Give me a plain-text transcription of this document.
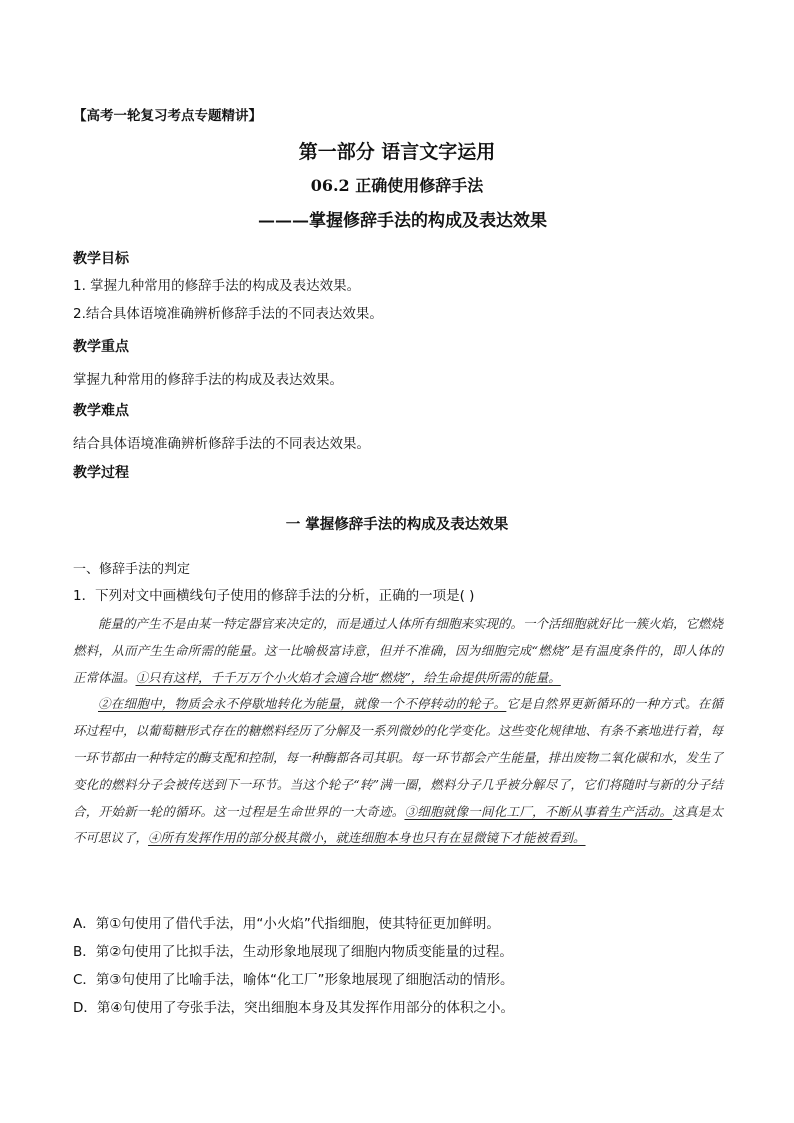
【高考一轮复习考点专题精讲】
第一部分 语言文字运用
06.2 正确使用修辞手法
———掌握修辞手法的构成及表达效果
教学目标
1. 掌握九种常用的修辞手法的构成及表达效果。
2.结合具体语境准确辨析修辞手法的不同表达效果。
教学重点
掌握九种常用的修辞手法的构成及表达效果。
教学难点
结合具体语境准确辨析修辞手法的不同表达效果。
教学过程
一 掌握修辞手法的构成及表达效果
一、修辞手法的判定
1．下列对文中画横线句子使用的修辞手法的分析，正确的一项是( )

能量的产生不是由某一特定器官来决定的，而是通过人体所有细胞来实现的。一个活细胞就好比一簇火焰，它燃烧燃料，从而产生生命所需的能量。这一比喻极富诗意，但并不准确，因为细胞完成“燃烧”是有温度条件的，即人体的正常体温。①只有这样，千千万万个小火焰才会適合地“燃烧”，给生命提供所需的能量。

②在细胞中，物质会永不停歇地转化为能量，就像一个不停转动的轮子。它是自然界更新循环的一种方式。在循环过程中，以葡萄糖形式存在的糖燃料经历了分解及一系列微妙的化学变化。这些变化规律地、有条不紊地进行着，每一环节都由一种特定的酶支配和控制，每一种酶都各司其职。每一环节都会产生能量，排出废物二氧化碳和水，发生了变化的燃料分子会被传送到下一环节。当这个轮子“转”满一圈，燃料分子几乎被分解尽了，它们将随时与新的分子结合，开始新一轮的循环。这一过程是生命世界的一大奇迹。③细胞就像一间化工厂，不断从事着生产活动。这真是太不可思议了，④所有发挥作用的部分极其微小，就连细胞本身也只有在显微镜下才能被看到。

A．第①句使用了借代手法，用“小火焰”代指细胞，使其特征更加鲜明。
B．第②句使用了比拟手法，生动形象地展现了细胞内物质变能量的过程。
C．第③句使用了比喻手法，喻体“化工厂”形象地展现了细胞活动的情形。
D．第④句使用了夸张手法，突出细胞本身及其发挥作用部分的体积之小。
